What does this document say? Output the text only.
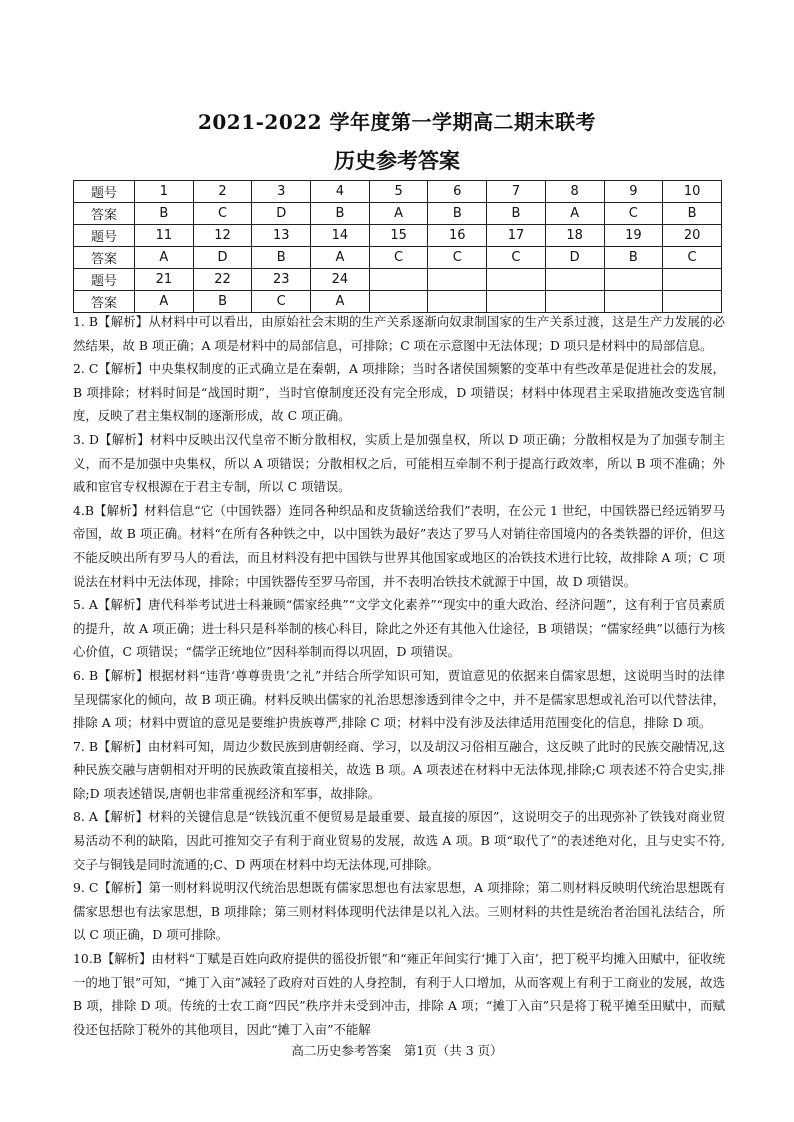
2021-2022 学年度第一学期高二期末联考
历史参考答案
题号	1	2	3	4	5	6	7	8	9	10
答案	B	C	D	B	A	B	B	A	C	B
题号	11	12	13	14	15	16	17	18	19	20
答案	A	D	B	A	C	C	C	D	B	C
题号	21	22	23	24						
答案	A	B	C	A						

1. B【解析】从材料中可以看出，由原始社会末期的生产关系逐渐向奴隶制国家的生产关系过渡，这是生产力发展的必然结果，故 B 项正确；A 项是材料中的局部信息，可排除；C 项在示意图中无法体现；D 项只是材料中的局部信息。

2. C【解析】中央集权制度的正式确立是在秦朝，A 项排除；当时各诸侯国频繁的变革中有些改革是促进社会的发展，B 项排除；材料时间是“战国时期”，当时官僚制度还没有完全形成，D 项错误；材料中体现君主采取措施改变选官制度，反映了君主集权制的逐渐形成，故 C 项正确。

3. D【解析】材料中反映出汉代皇帝不断分散相权，实质上是加强皇权，所以 D 项正确；分散相权是为了加强专制主义，而不是加强中央集权，所以 A 项错误；分散相权之后，可能相互牵制不利于提高行政效率，所以 B 项不准确；外戚和宦官专权根源在于君主专制，所以 C 项错误。

4.B【解析】材料信息“它（中国铁器）连同各种织品和皮货输送给我们”表明，在公元 1 世纪，中国铁器已经远销罗马帝国，故 B 项正确。材料“在所有各种铁之中，以中国铁为最好”表达了罗马人对销往帝国境内的各类铁器的评价，但这不能反映出所有罗马人的看法，而且材料没有把中国铁与世界其他国家或地区的冶铁技术进行比较，故排除 A 项；C 项说法在材料中无法体现，排除；中国铁器传至罗马帝国，并不表明冶铁技术就源于中国，故 D 项错误。

5. A【解析】唐代科举考试进士科兼顾“儒家经典”“文学文化素养”“现实中的重大政治、经济问题”，这有利于官员素质的提升，故 A 项正确；进士科只是科举制的核心科目，除此之外还有其他入仕途径，B 项错误；“儒家经典”以德行为核心价值，C 项错误；“儒学正统地位”因科举制而得以巩固，D 项错误。

6. B【解析】根据材料“违背‘尊尊贵贵’之礼”并结合所学知识可知，贾谊意见的依据来自儒家思想，这说明当时的法律呈现儒家化的倾向，故 B 项正确。材料反映出儒家的礼治思想渗透到律令之中，并不是儒家思想或礼治可以代替法律，排除 A 项；材料中贾谊的意见是要维护贵族尊严,排除 C 项；材料中没有涉及法律适用范围变化的信息，排除 D 项。

7. B【解析】由材料可知，周边少数民族到唐朝经商、学习，以及胡汉习俗相互融合，这反映了此时的民族交融情况,这种民族交融与唐朝相对开明的民族政策直接相关，故选 B 项。A 项表述在材料中无法体现,排除;C 项表述不符合史实,排除;D 项表述错误,唐朝也非常重视经济和军事，故排除。

8. A【解析】材料的关键信息是“铁钱沉重不便贸易是最重要、最直接的原因”，这说明交子的出现弥补了铁钱对商业贸易活动不利的缺陷，因此可推知交子有利于商业贸易的发展，故选 A 项。B 项“取代了”的表述绝对化，且与史实不符,交子与铜钱是同时流通的;C、D 两项在材料中均无法体现,可排除。

9. C【解析】第一则材料说明汉代统治思想既有儒家思想也有法家思想，A 项排除；第二则材料反映明代统治思想既有儒家思想也有法家思想，B 项排除；第三则材料体现明代法律是以礼入法。三则材料的共性是统治者治国礼法结合，所以 C 项正确，D 项可排除。

10.B【解析】由材料“丁赋是百姓向政府提供的徭役折银”和“雍正年间实行‘摊丁入亩’，把丁税平均摊入田赋中，征收统一的地丁银”可知，“摊丁入亩”减轻了政府对百姓的人身控制，有利于人口增加，从而客观上有利于工商业的发展，故选 B 项，排除 D 项。传统的士农工商“四民”秩序并未受到冲击，排除 A 项；“摊丁入亩”只是将丁税平摊至田赋中，而赋役还包括除丁税外的其他项目，因此“摊丁入亩”不能解

高二历史参考答案　第1页（共 3 页）
